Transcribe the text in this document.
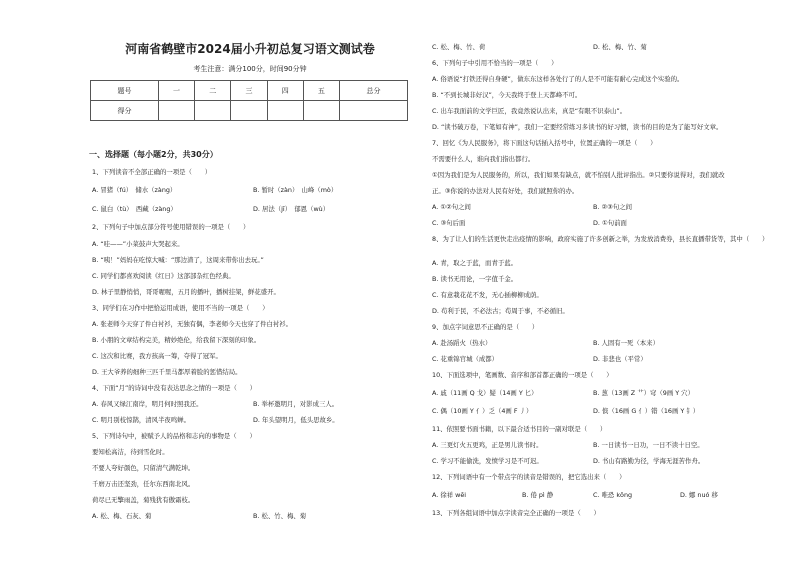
河南省鹤壁市2024届小升初总复习语文测试卷
考生注意：满分100分，时间90分钟
题号	一	二	三	四	五	总分
得分						
一、选择题（每小题2分，共30分）
1、下列读音不全部正确的一项是（　　）
A. 冒猪（fú）　储水（zàng）	B. 暂时（zàn）　山峰（mò）
C. 鼠白（tù）　西藏（zàng）	D. 居法（jī）　郁恩（wù）
2、下列句子中加点部分符号使用错误的一项是（　　）
A. “哇——”小菜鼓声大哭起来。
B. “咦！”妈妈在吃惊大喊：“那边渣了，这周来带你出去玩。”
C. 同学们都喜欢阅读《红日》这部部杂红色经典。
D. 林子里静悄悄，哥哥喔喔，五月的播叶，播树挂架，鲜花盛开。
3、同学们在习作中把恰运用成语，使用不当的一项是（　　）
A. 张老师今天穿了件白衬衫，无独有偶，李老师今天也穿了件白衬衫。
B. 小朋的文章结构完美，精妙绝伦，给我留下深刻的印象。
C. 这次和比赛，我方孩高一筹，夺得了冠军。
D. 王大爷养的细种三匹千里马都厚着脸的惩惜结局。
4、下面“月”的诗词中没有表达思念之情的一项是（　　）
A. 春风又绿江南岸，明月何时照我还。	B. 举杯邀明月，对影成三人。
C. 明月别枝惊鹊，清风半夜鸣蝉。	D. 年头望明月，低头思故乡。
5、下列诗句中，被赋予人的品格和志向的事物是（　　）
要知松高洁，待到雪化时。
不要人夸好颜色，只留清气满乾坤。
千磨万击还坚劲，任尔东西南北风。
荷尽已无擎雨盖，菊残犹有傲霜枝。
A. 松、梅、石灰、菊	B. 松、竹、梅、菊
C. 松、梅、竹、荷	D. 松、梅、竹、菊
6、下列句子中引用不恰当的一项是（　　）
A. 俗语说“打铁还得自身硬”，做东东这样各处行了的人是不可能有耐心完成这个实验的。
B. “不到长城非好汉”，今天我终于登上天都峰不可。
C. 出车我面前的文学巨匠，我竟然说认出来，真是“有眼不识泰山”。
D. “读书破万卷，下笔如有神”，我们一定要经常练习多读书的好习惯，读书的目的是为了能写好文章。
7、回忆《为人民服务》，将下面这句话插入括号中，位置正确的一项是（　　）
不需要什么人，谁向我们指出都行。
①因为我们是为人民服务的，所以，我们如果有缺点，就不怕别人批评指出。②只要你说得对，我们就改
正。③你说的办法对人民有好处，我们就照你的办。
A. ①②句之间	B. ②③句之间
C. ③句后面	D. ①句前面
8、为了让人们的生活更快走出疫情的影响，政府实施了许多创新之举，为发放消费券，县长直播带货等，其中（　　）
A. 青，取之于蓝，而青于蓝。
B. 读书无用论，一字值千金。
C. 有意栽花花不发，无心插柳柳成荫。
D. 苟利于民，不必法古；苟周于事，不必循旧。
9、加点字词意思不正确的是（　　）
A. 赴汤蹈火（热水）	B. 人固有一死（本来）
C. 花重锦官城（成都）	D. 非悲也（平常）
10、下面选项中，笔画数、音序和部首都正确的一项是（　　）
A. 戚（11画 Q 戈）疑（14画 Y 匕）	B. 葱（13画 Z 艹）穹（9画 Y 穴）
C. 偶（10画 Y 亻）乏（4画 F 丿）	D. 傧（16画 G 亻）错（16画 Y 钅）
11、依照要书面书籍，以下最合适书目的一副对联是（　　）
A. 三更灯火五更鸡，正是男儿读书时。	B. 一日读书一日功，一日不读十日空。
C. 学习不能偷洗，发愤学习是不可迟。	D. 书山有路勤为径，学海无涯苦作舟。
12、下列词语中有一个带点字的读音是错误的，把它选出来（　　）
A. 徐祥 wēi	B. 倦 pì 静	C. 唯恐 kǒng	D. 娜 nuó 移
13、下列各组词语中加点字读音完全正确的一项是（　　）
